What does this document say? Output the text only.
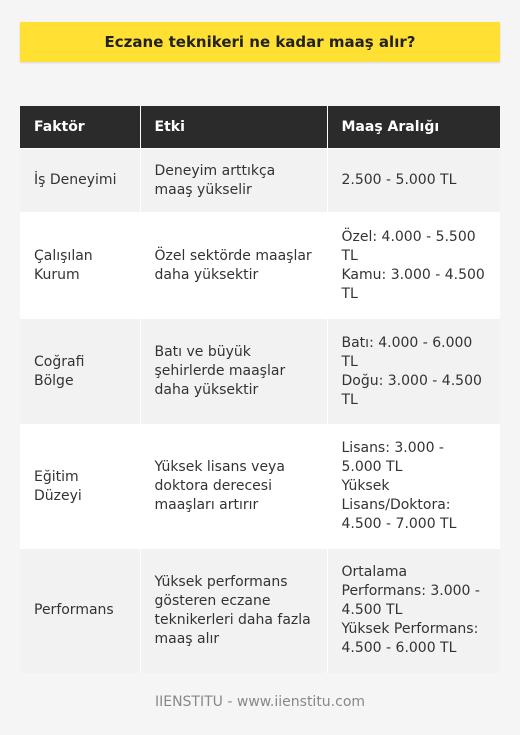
Eczane teknikeri ne kadar maaş alır?
Faktör	Etki	Maaş Aralığı
İş Deneyimi	Deneyim arttıkça maaş yükselir	2.500 - 5.000 TL
Çalışılan Kurum	Özel sektörde maaşlar daha yüksektir	Özel: 4.000 - 5.500 TL
Kamu: 3.000 - 4.500 TL
Coğrafi Bölge	Batı ve büyük şehirlerde maaşlar daha yüksektir	Batı: 4.000 - 6.000 TL
Doğu: 3.000 - 4.500 TL
Eğitim Düzeyi	Yüksek lisans veya doktora derecesi maaşları artırır	Lisans: 3.000 - 5.000 TL
Yüksek Lisans/Doktora: 4.500 - 7.000 TL
Performans	Yüksek performans gösteren eczane teknikerleri daha fazla maaş alır	Ortalama Performans: 3.000 - 4.500 TL
Yüksek Performans: 4.500 - 6.000 TL
IIENSTITU - www.iienstitu.com
